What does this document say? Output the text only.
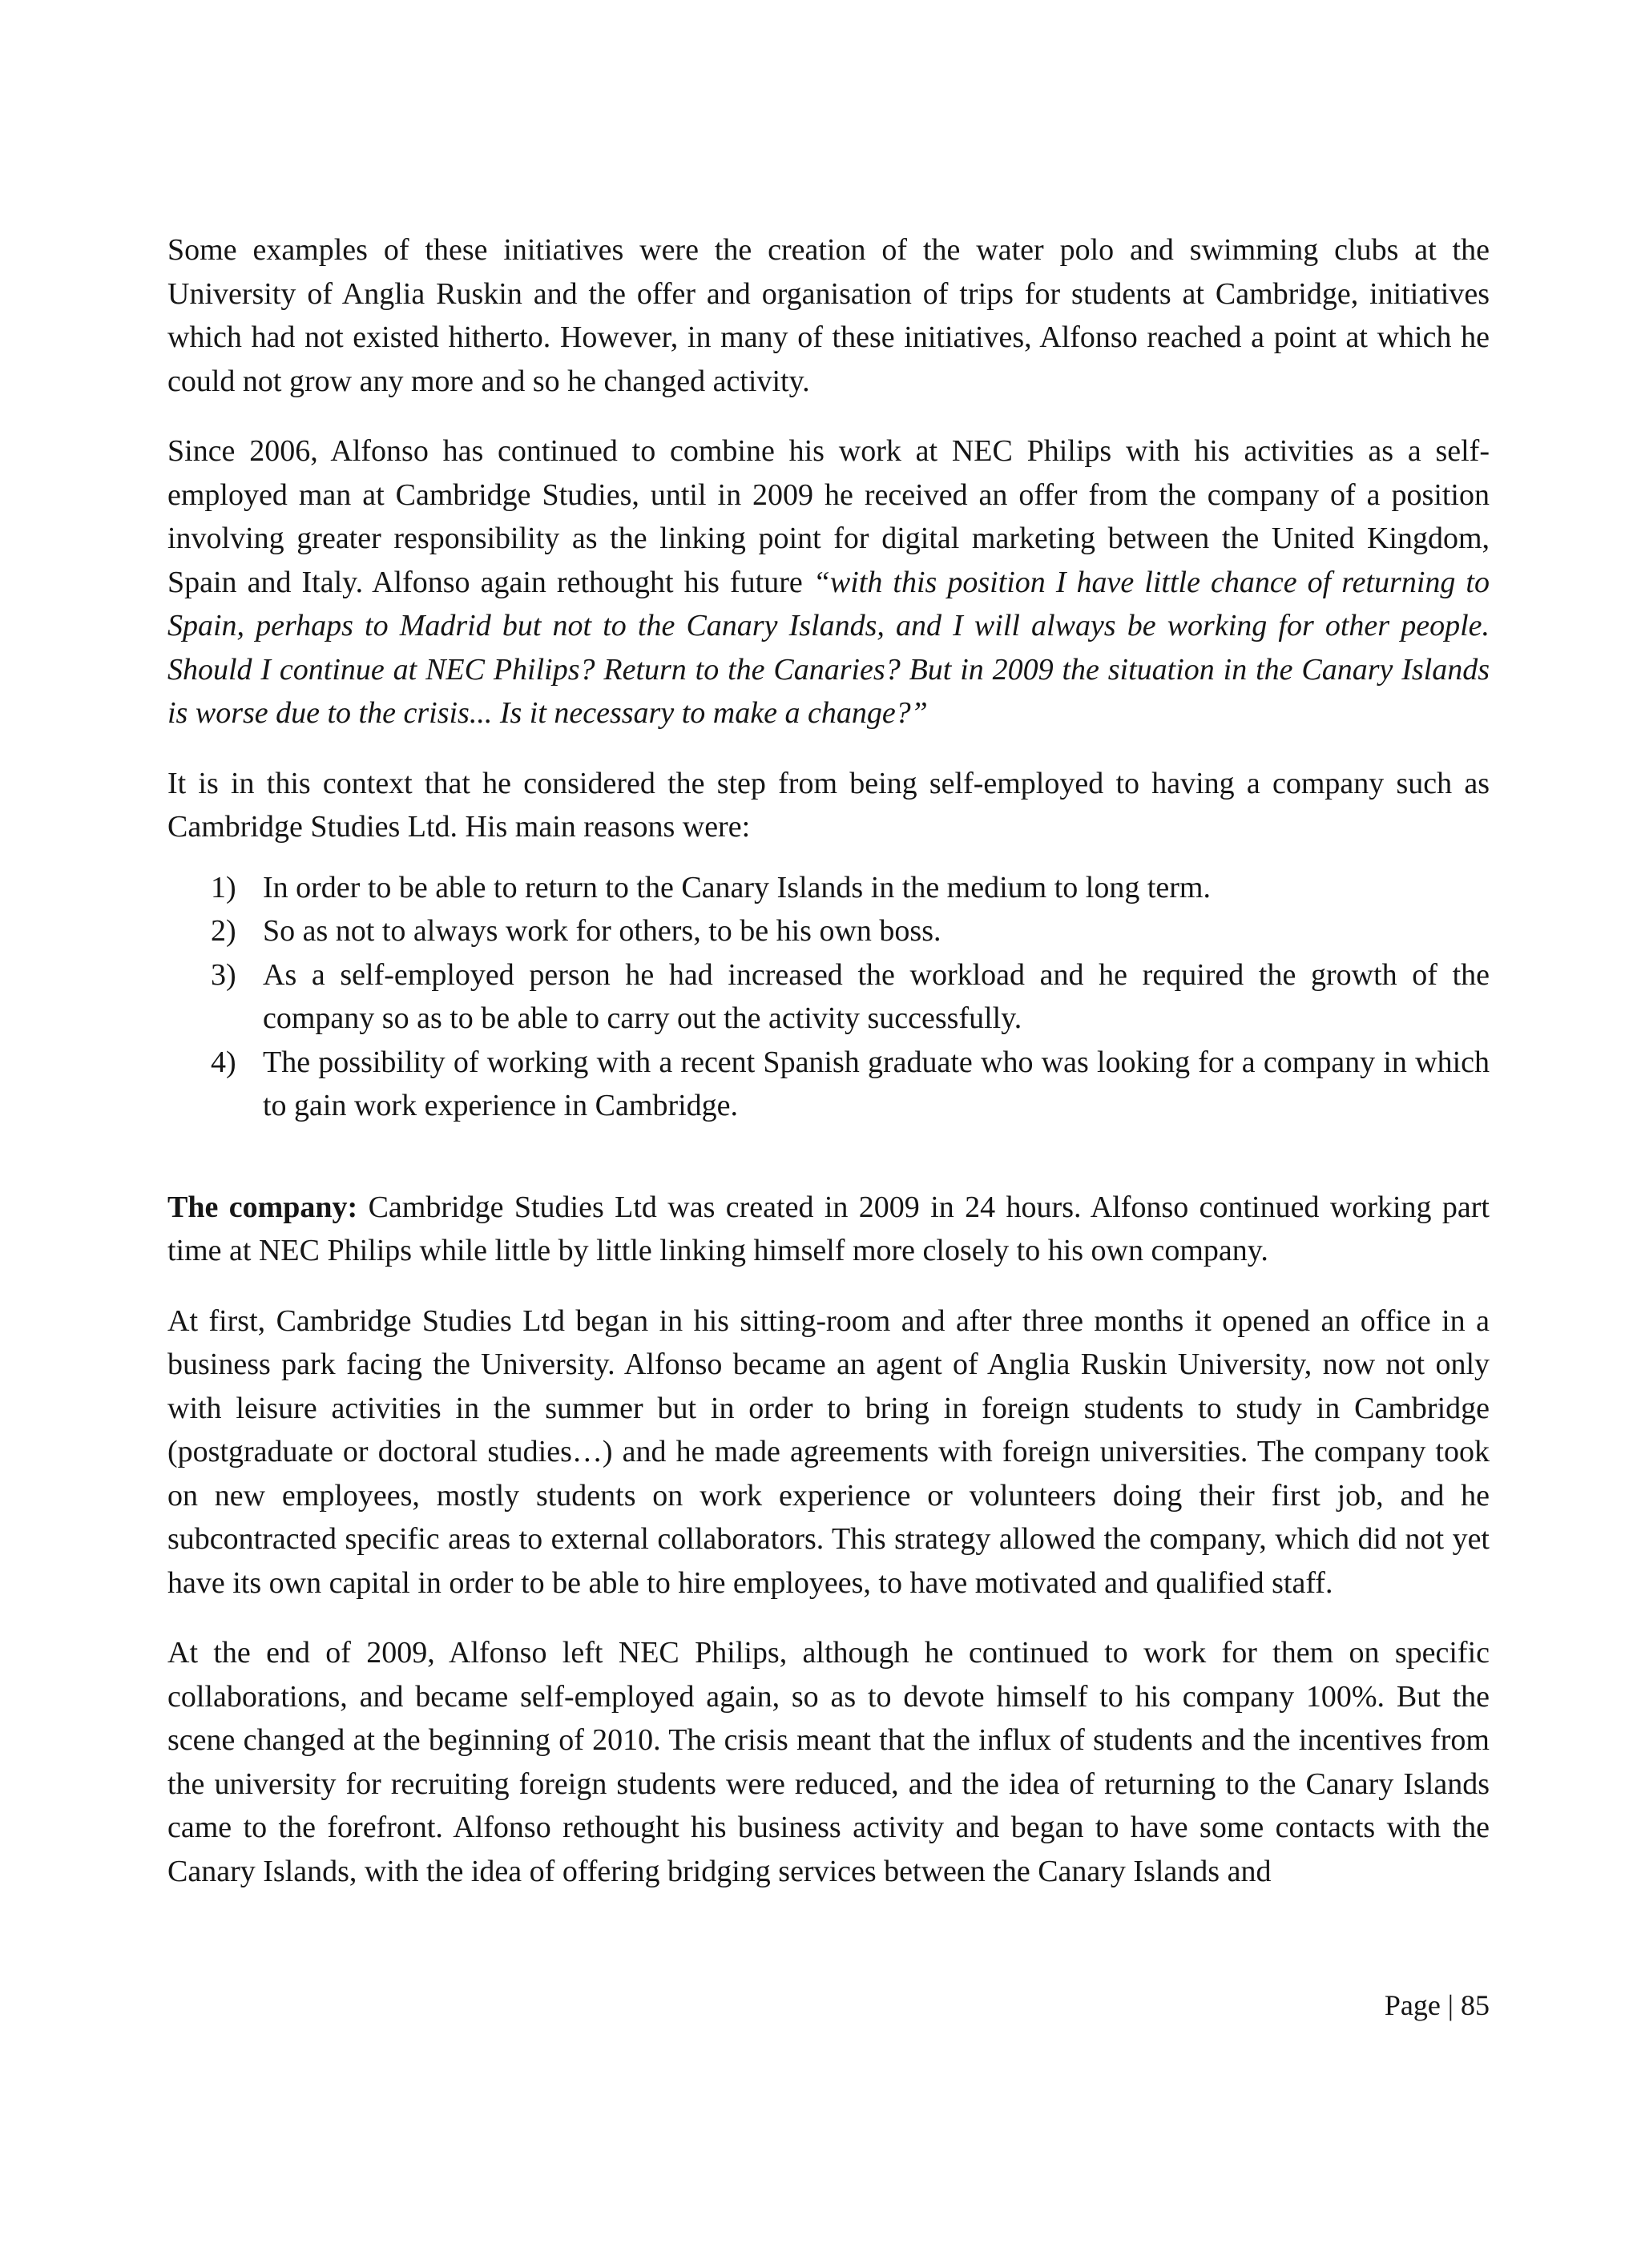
Some examples of these initiatives were the creation of the water polo and swimming clubs at the University of Anglia Ruskin and the offer and organisation of trips for students at Cambridge, initiatives which had not existed hitherto. However, in many of these initiatives, Alfonso reached a point at which he could not grow any more and so he changed activity.

Since 2006, Alfonso has continued to combine his work at NEC Philips with his activities as a self-employed man at Cambridge Studies, until in 2009 he received an offer from the company of a position involving greater responsibility as the linking point for digital marketing between the United Kingdom, Spain and Italy. Alfonso again rethought his future “with this position I have little chance of returning to Spain, perhaps to Madrid but not to the Canary Islands, and I will always be working for other people. Should I continue at NEC Philips? Return to the Canaries? But in 2009 the situation in the Canary Islands is worse due to the crisis... Is it necessary to make a change?”

It is in this context that he considered the step from being self-employed to having a company such as Cambridge Studies Ltd. His main reasons were:

1) In order to be able to return to the Canary Islands in the medium to long term.
2) So as not to always work for others, to be his own boss.
3) As a self-employed person he had increased the workload and he required the growth of the company so as to be able to carry out the activity successfully.
4) The possibility of working with a recent Spanish graduate who was looking for a company in which to gain work experience in Cambridge.

The company: Cambridge Studies Ltd was created in 2009 in 24 hours. Alfonso continued working part time at NEC Philips while little by little linking himself more closely to his own company.

At first, Cambridge Studies Ltd began in his sitting-room and after three months it opened an office in a business park facing the University. Alfonso became an agent of Anglia Ruskin University, now not only with leisure activities in the summer but in order to bring in foreign students to study in Cambridge (postgraduate or doctoral studies…) and he made agreements with foreign universities. The company took on new employees, mostly students on work experience or volunteers doing their first job, and he subcontracted specific areas to external collaborators. This strategy allowed the company, which did not yet have its own capital in order to be able to hire employees, to have motivated and qualified staff.

At the end of 2009, Alfonso left NEC Philips, although he continued to work for them on specific collaborations, and became self-employed again, so as to devote himself to his company 100%. But the scene changed at the beginning of 2010. The crisis meant that the influx of students and the incentives from the university for recruiting foreign students were reduced, and the idea of returning to the Canary Islands came to the forefront. Alfonso rethought his business activity and began to have some contacts with the Canary Islands, with the idea of offering bridging services between the Canary Islands and

Page | 85
